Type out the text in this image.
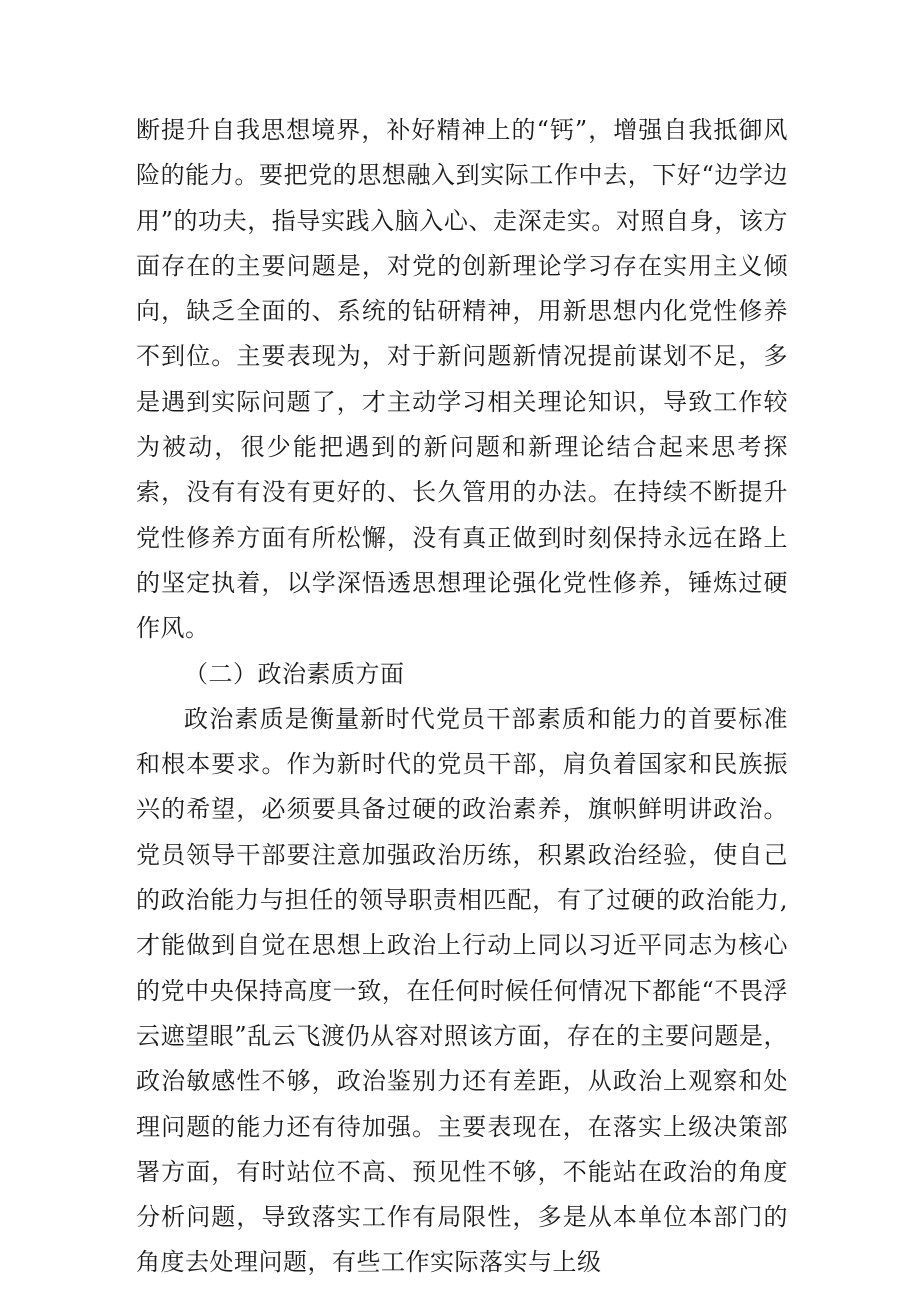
断提升自我思想境界，补好精神上的“钙”，增强自我抵御风险的能力。要把党的思想融入到实际工作中去，下好“边学边用”的功夫，指导实践入脑入心、走深走实。对照自身，该方面存在的主要问题是，对党的创新理论学习存在实用主义倾向，缺乏全面的、系统的钻研精神，用新思想内化党性修养不到位。主要表现为，对于新问题新情况提前谋划不足，多是遇到实际问题了，才主动学习相关理论知识，导致工作较为被动，很少能把遇到的新问题和新理论结合起来思考探索，没有有没有更好的、长久管用的办法。在持续不断提升党性修养方面有所松懈，没有真正做到时刻保持永远在路上的坚定执着，以学深悟透思想理论强化党性修养，锤炼过硬作风。

（二）政治素质方面

政治素质是衡量新时代党员干部素质和能力的首要标准和根本要求。作为新时代的党员干部，肩负着国家和民族振兴的希望，必须要具备过硬的政治素养，旗帜鲜明讲政治。党员领导干部要注意加强政治历练，积累政治经验，使自己的政治能力与担任的领导职责相匹配，有了过硬的政治能力,才能做到自觉在思想上政治上行动上同以习近平同志为核心的党中央保持高度一致，在任何时候任何情况下都能“不畏浮云遮望眼”乱云飞渡仍从容对照该方面，存在的主要问题是，政治敏感性不够，政治鉴别力还有差距，从政治上观察和处理问题的能力还有待加强。主要表现在，在落实上级决策部署方面，有时站位不高、预见性不够，不能站在政治的角度分析问题，导致落实工作有局限性，多是从本单位本部门的角度去处理问题，有些工作实际落实与上级
